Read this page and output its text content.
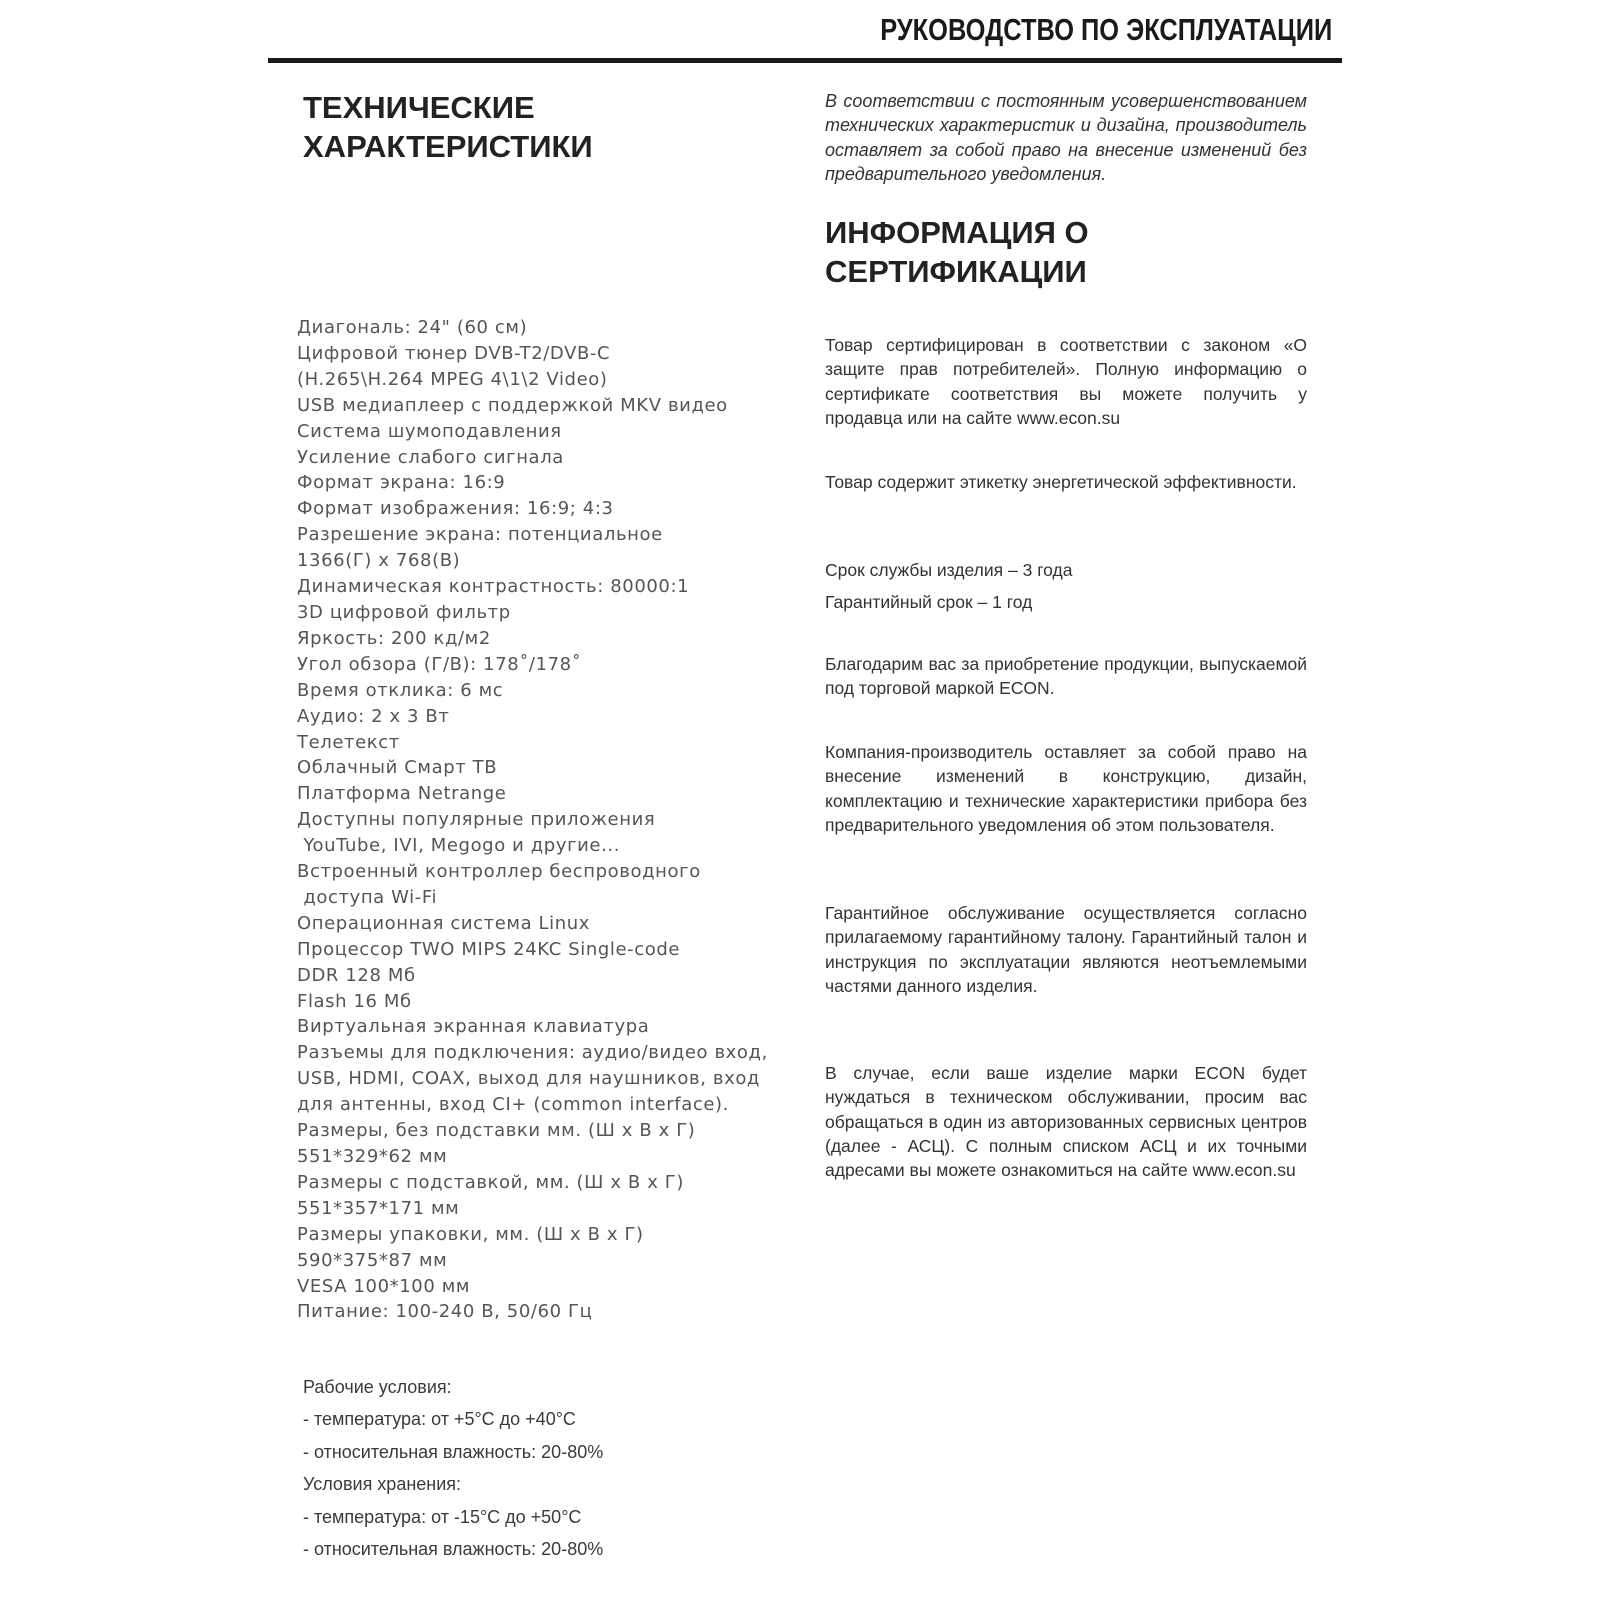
РУКОВОДСТВО ПО ЭКСПЛУАТАЦИИ
ТЕХНИЧЕСКИЕ
ХАРАКТЕРИСТИКИ
Диагональ: 24" (60 см)
Цифровой тюнер DVB-T2/DVB-C
(H.265\H.264 MPEG 4\1\2 Video)
USB медиаплеер с поддержкой MKV видео
Система шумоподавления
Усиление слабого сигнала
Формат экрана: 16:9
Формат изображения: 16:9; 4:3
Разрешение экрана: потенциальное
1366(Г) x 768(В)
Динамическая контрастность: 80000:1
3D цифровой фильтр
Яркость: 200 кд/м2
Угол обзора (Г/В): 178˚/178˚
Время отклика: 6 мс
Аудио: 2 x 3 Вт
Телетекст
Облачный Смарт ТВ
Платформа Netrange
Доступны популярные приложения
YouTube, IVI, Megogo и другие...
Встроенный контроллер беспроводного
доступа Wi-Fi
Операционная система Linux
Процессор TWO MIPS 24KC Single-code
DDR 128 Мб
Flash 16 Мб
Виртуальная экранная клавиатура
Разъемы для подключения: аудио/видео вход,
USB, HDMI, COAX, выход для наушников, вход
для антенны, вход CI+ (common interface).
Размеры, без подставки мм. (Ш x В x Г)
551*329*62 мм
Размеры с подставкой, мм. (Ш x В x Г)
551*357*171 мм
Размеры упаковки, мм. (Ш x В x Г)
590*375*87 мм
VESA 100*100 мм
Питание: 100-240 В, 50/60 Гц
Рабочие условия:
- температура: от +5°С до +40°С
- относительная влажность: 20-80%
Условия хранения:
- температура: от -15°С до +50°С
- относительная влажность: 20-80%

В соответствии с постоянным усовершенствованием технических характеристик и дизайна, производитель оставляет за собой право на внесение изменений без предварительного уведомления.

ИНФОРМАЦИЯ О
СЕРТИФИКАЦИИ

Товар сертифицирован в соответствии с законом «О защите прав потребителей». Полную информацию о сертификате соответствия вы можете получить у продавца или на сайте www.econ.su

Товар содержит этикетку энергетической эффективности.

Срок службы изделия – 3 года

Гарантийный срок – 1 год

Благодарим вас за приобретение продукции, выпускаемой под торговой маркой ECON.

Компания-производитель оставляет за собой право на внесение изменений в конструкцию, дизайн, комплектацию и технические характеристики прибора без предварительного уведомления об этом пользователя.

Гарантийное обслуживание осуществляется согласно прилагаемому гарантийному талону. Гарантийный талон и инструкция по эксплуатации являются неотъемлемыми частями данного изделия.

В случае, если ваше изделие марки ECON будет нуждаться в техническом обслуживании, просим вас обращаться в один из авторизованных сервисных центров (далее - АСЦ). С полным списком АСЦ и их точными адресами вы можете ознакомиться на сайте www.econ.su
